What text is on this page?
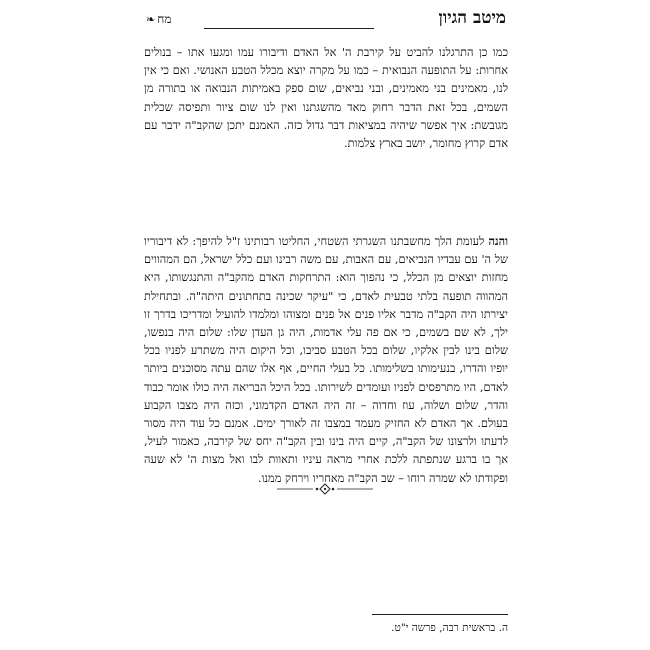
מיטב הגיון
מח❧

כמו כן התרגלנו להביט על קירבת ה' אל האדם ודיבורו עמו ומגעו אתו – בנולים אחרות: על התופעה הנבואית – כמו על מקרה יוצא מכלל הטבע האנושי. ואם כי אין לנו, מאמינים בני מאמינים, ובני נביאים, שום ספק באמיתות הנבואה או בתורה מן השמים, בכל זאת הדבר רחוק מאד מהשגתנו ואין לנו שום ציור ותפיסה שכלית מגובשת: איך אפשר שיהיה במציאות דבר גדול כזה. האמנם יתכן שהקב"ה ידבר עם אדם קרוץ מחומר, יושב בארץ צלמות.

והנה לעומת הלך מחשבתנו השגרתי השטחי, החליטו רבותינו ז"ל להיפך: לא דיבוריו של ה' עם עבדיו הנביאים, עם האבות, עם משה רבינו ועם כלל ישראל, הם המהווים מחזות יוצאים מן הכלל, כי נהפוך הוא: התרחקות האדם מהקב"ה והתנגשותו, היא המהווה תופעה בלתי טבעית לאדם, כי "עיקר שכינה בתחתונים היתה"ה. ובתחילת יצירתו היה הקב"ה מדבר אליו פנים אל פנים ומצוהו ומלמדו להועיל ומדריכו בדרך זו ילך, לא שם בשמים, כי אם פה עלי אדמות, היה גן העדן שלו: שלום היה בנפשו, שלום בינו לבין אלקיו, שלום בכל הטבע סביבו, וכל היקום היה משתרע לפניו בכל יופיו והדרו, בנעימותו בשלימותו. כל בעלי החיים, אף אלו שהם עתה מסוכנים ביותר לאדם, היו מתרפסים לפניו ועומדים לשירותו. בכל היכל הבריאה היה כולו אומר כבוד והדר, שלום ושלוה, עוז וחדוה – זה היה האדם הקדמוני, וכזה היה מצבו הקבוע בעולם. אך האדם לא החזיק מעמד במצבו זה לאורך ימים. אמנם כל עוד היה מסור לדעתו ולרצונו של הקב"ה, קיים היה בינו ובין הקב"ה יחס של קירבה, כאמור לעיל, אך בו ברגע שנתפתה ללכת אחרי מראה עיניו ותאוות לבו ואל מצות ה' לא שעה ופקודתו לא שמרה רוחו – שב הקב"ה מאחריו וירחק ממנו.

ה. בראשית רבה, פרשה י"ט.
